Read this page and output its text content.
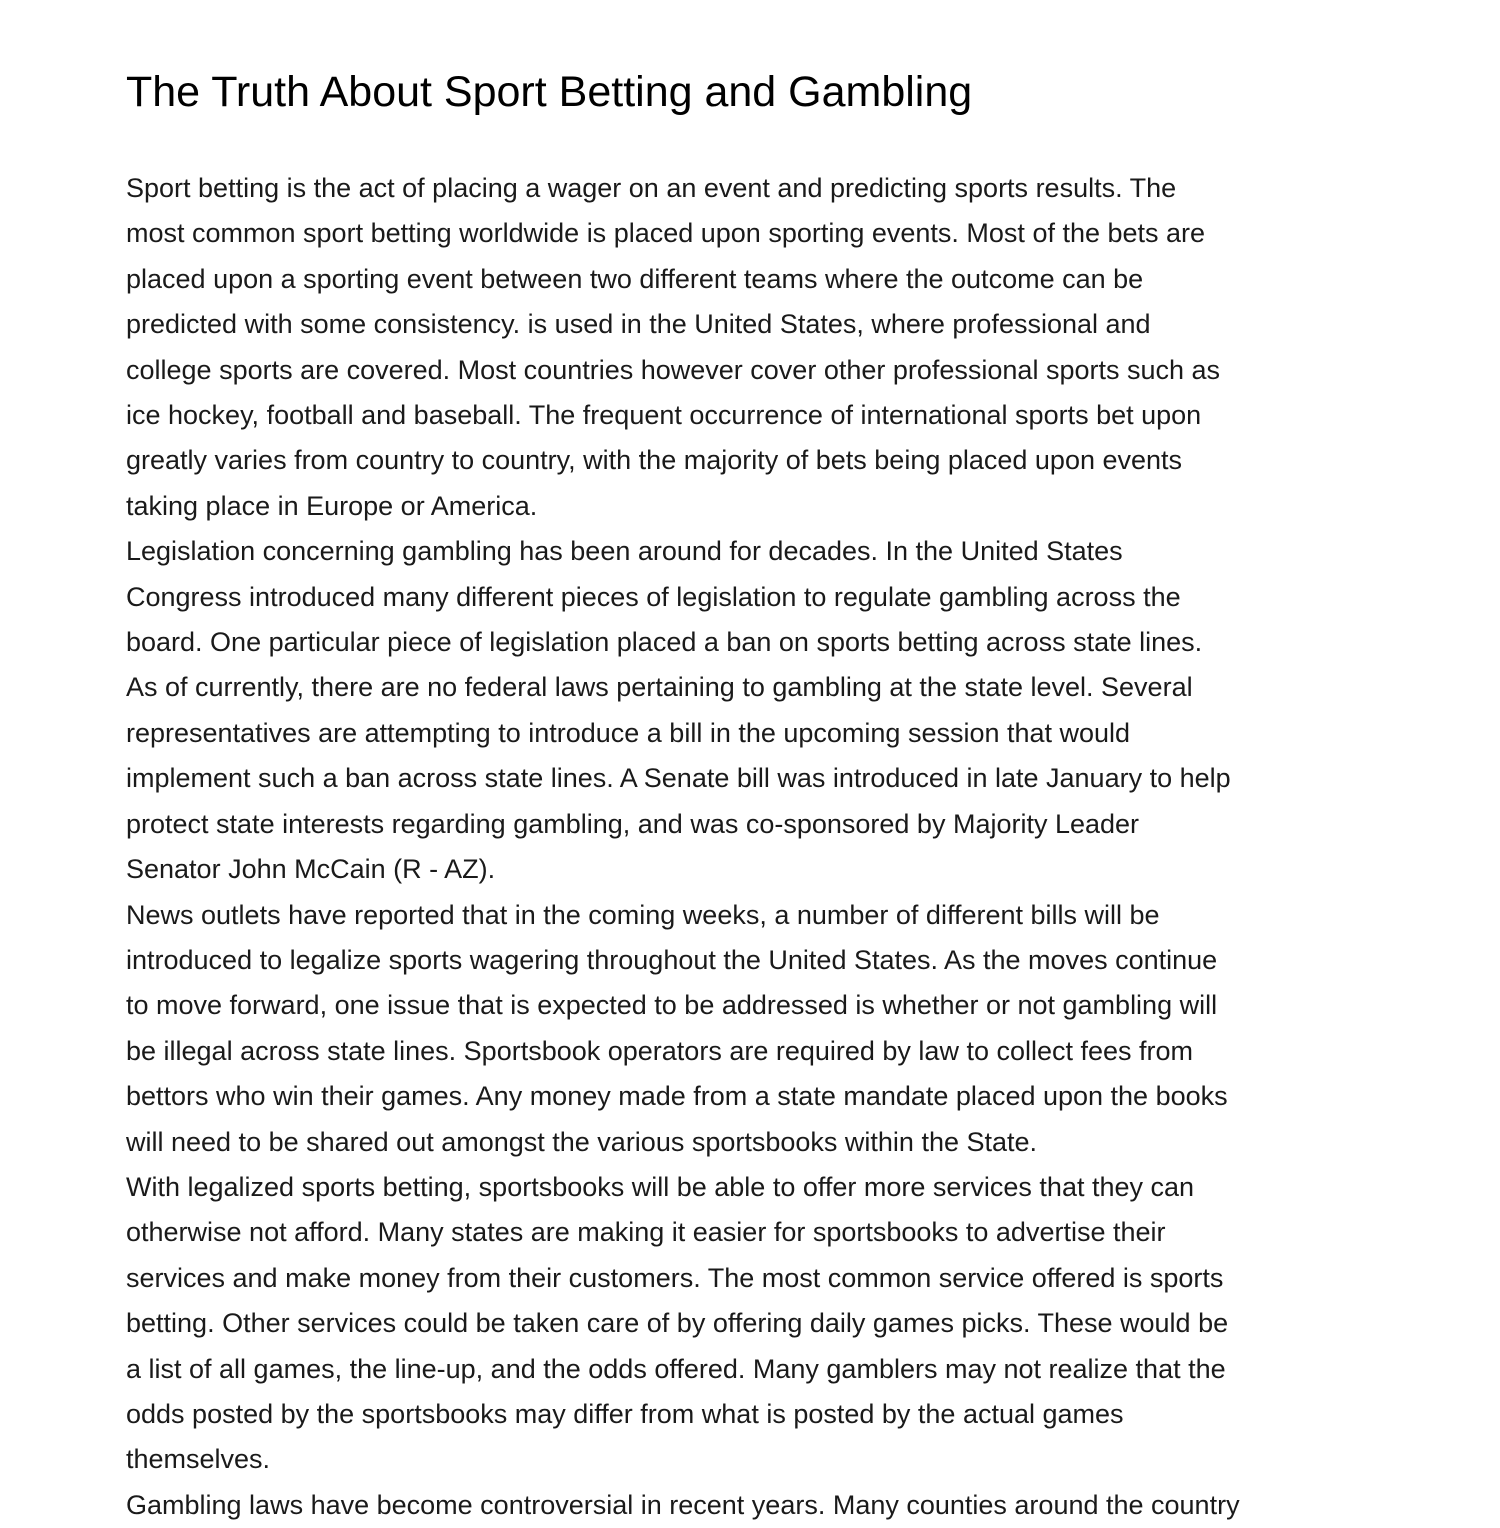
The Truth About Sport Betting and Gambling

Sport betting is the act of placing a wager on an event and predicting sports results. The
most common sport betting worldwide is placed upon sporting events. Most of the bets are
placed upon a sporting event between two different teams where the outcome can be
predicted with some consistency. is used in the United States, where professional and
college sports are covered. Most countries however cover other professional sports such as
ice hockey, football and baseball. The frequent occurrence of international sports bet upon
greatly varies from country to country, with the majority of bets being placed upon events
taking place in Europe or America.

Legislation concerning gambling has been around for decades. In the United States
Congress introduced many different pieces of legislation to regulate gambling across the
board. One particular piece of legislation placed a ban on sports betting across state lines.
As of currently, there are no federal laws pertaining to gambling at the state level. Several
representatives are attempting to introduce a bill in the upcoming session that would
implement such a ban across state lines. A Senate bill was introduced in late January to help
protect state interests regarding gambling, and was co-sponsored by Majority Leader
Senator John McCain (R - AZ).

News outlets have reported that in the coming weeks, a number of different bills will be
introduced to legalize sports wagering throughout the United States. As the moves continue
to move forward, one issue that is expected to be addressed is whether or not gambling will
be illegal across state lines. Sportsbook operators are required by law to collect fees from
bettors who win their games. Any money made from a state mandate placed upon the books
will need to be shared out amongst the various sportsbooks within the State.

With legalized sports betting, sportsbooks will be able to offer more services that they can
otherwise not afford. Many states are making it easier for sportsbooks to advertise their
services and make money from their customers. The most common service offered is sports
betting. Other services could be taken care of by offering daily games picks. These would be
a list of all games, the line-up, and the odds offered. Many gamblers may not realize that the
odds posted by the sportsbooks may differ from what is posted by the actual games
themselves.

Gambling laws have become controversial in recent years. Many counties around the country
